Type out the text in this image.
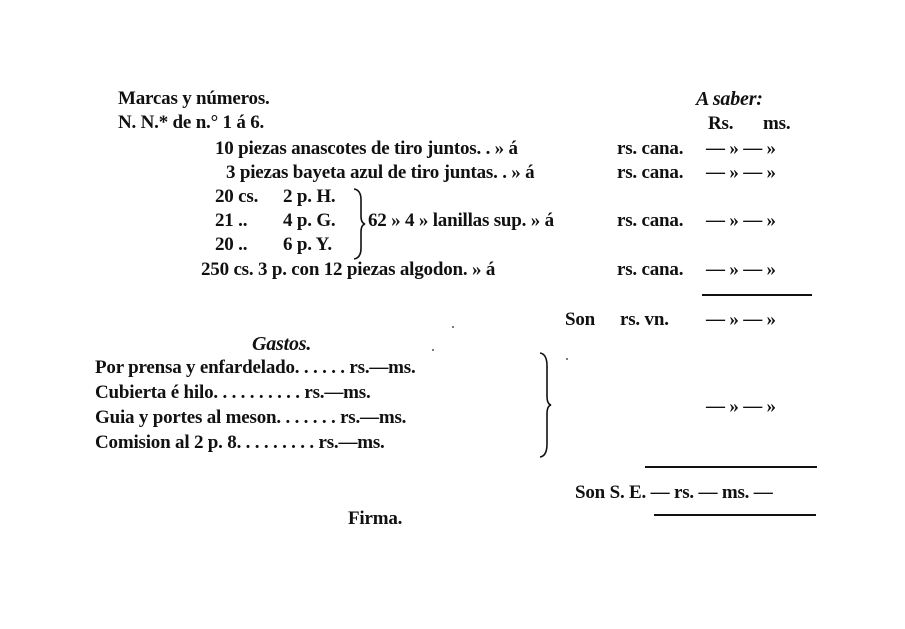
Marcas y números.	A saber:
N. N.* de n.° 1 á 6.	Rs. ms.
10 piezas anascotes de tiro juntos. . » á	rs. cana. — » — »
3 piezas bayeta azul de tiro juntas. . » á	rs. cana. — » — »
20 cs. 2 p. H.
21 .. 4 p. G.
20 .. 6 p. Y.
62 » 4 » lanillas sup. » á	rs. cana. — » — »
250 cs. 3 p. con 12 piezas algodon. » á	rs. cana. — » — »
Son rs. vn. — » — »
Gastos.
Por prensa y enfardelado. . . . . . rs.—ms.
Cubierta é hilo. . . . . . . . . . rs.—ms.
Guia y portes al meson. . . . . . . rs.—ms.
Comision al 2 p. 8. . . . . . . . . rs.—ms.
— » — »
Son S. E. — rs. — ms. —
Firma.
